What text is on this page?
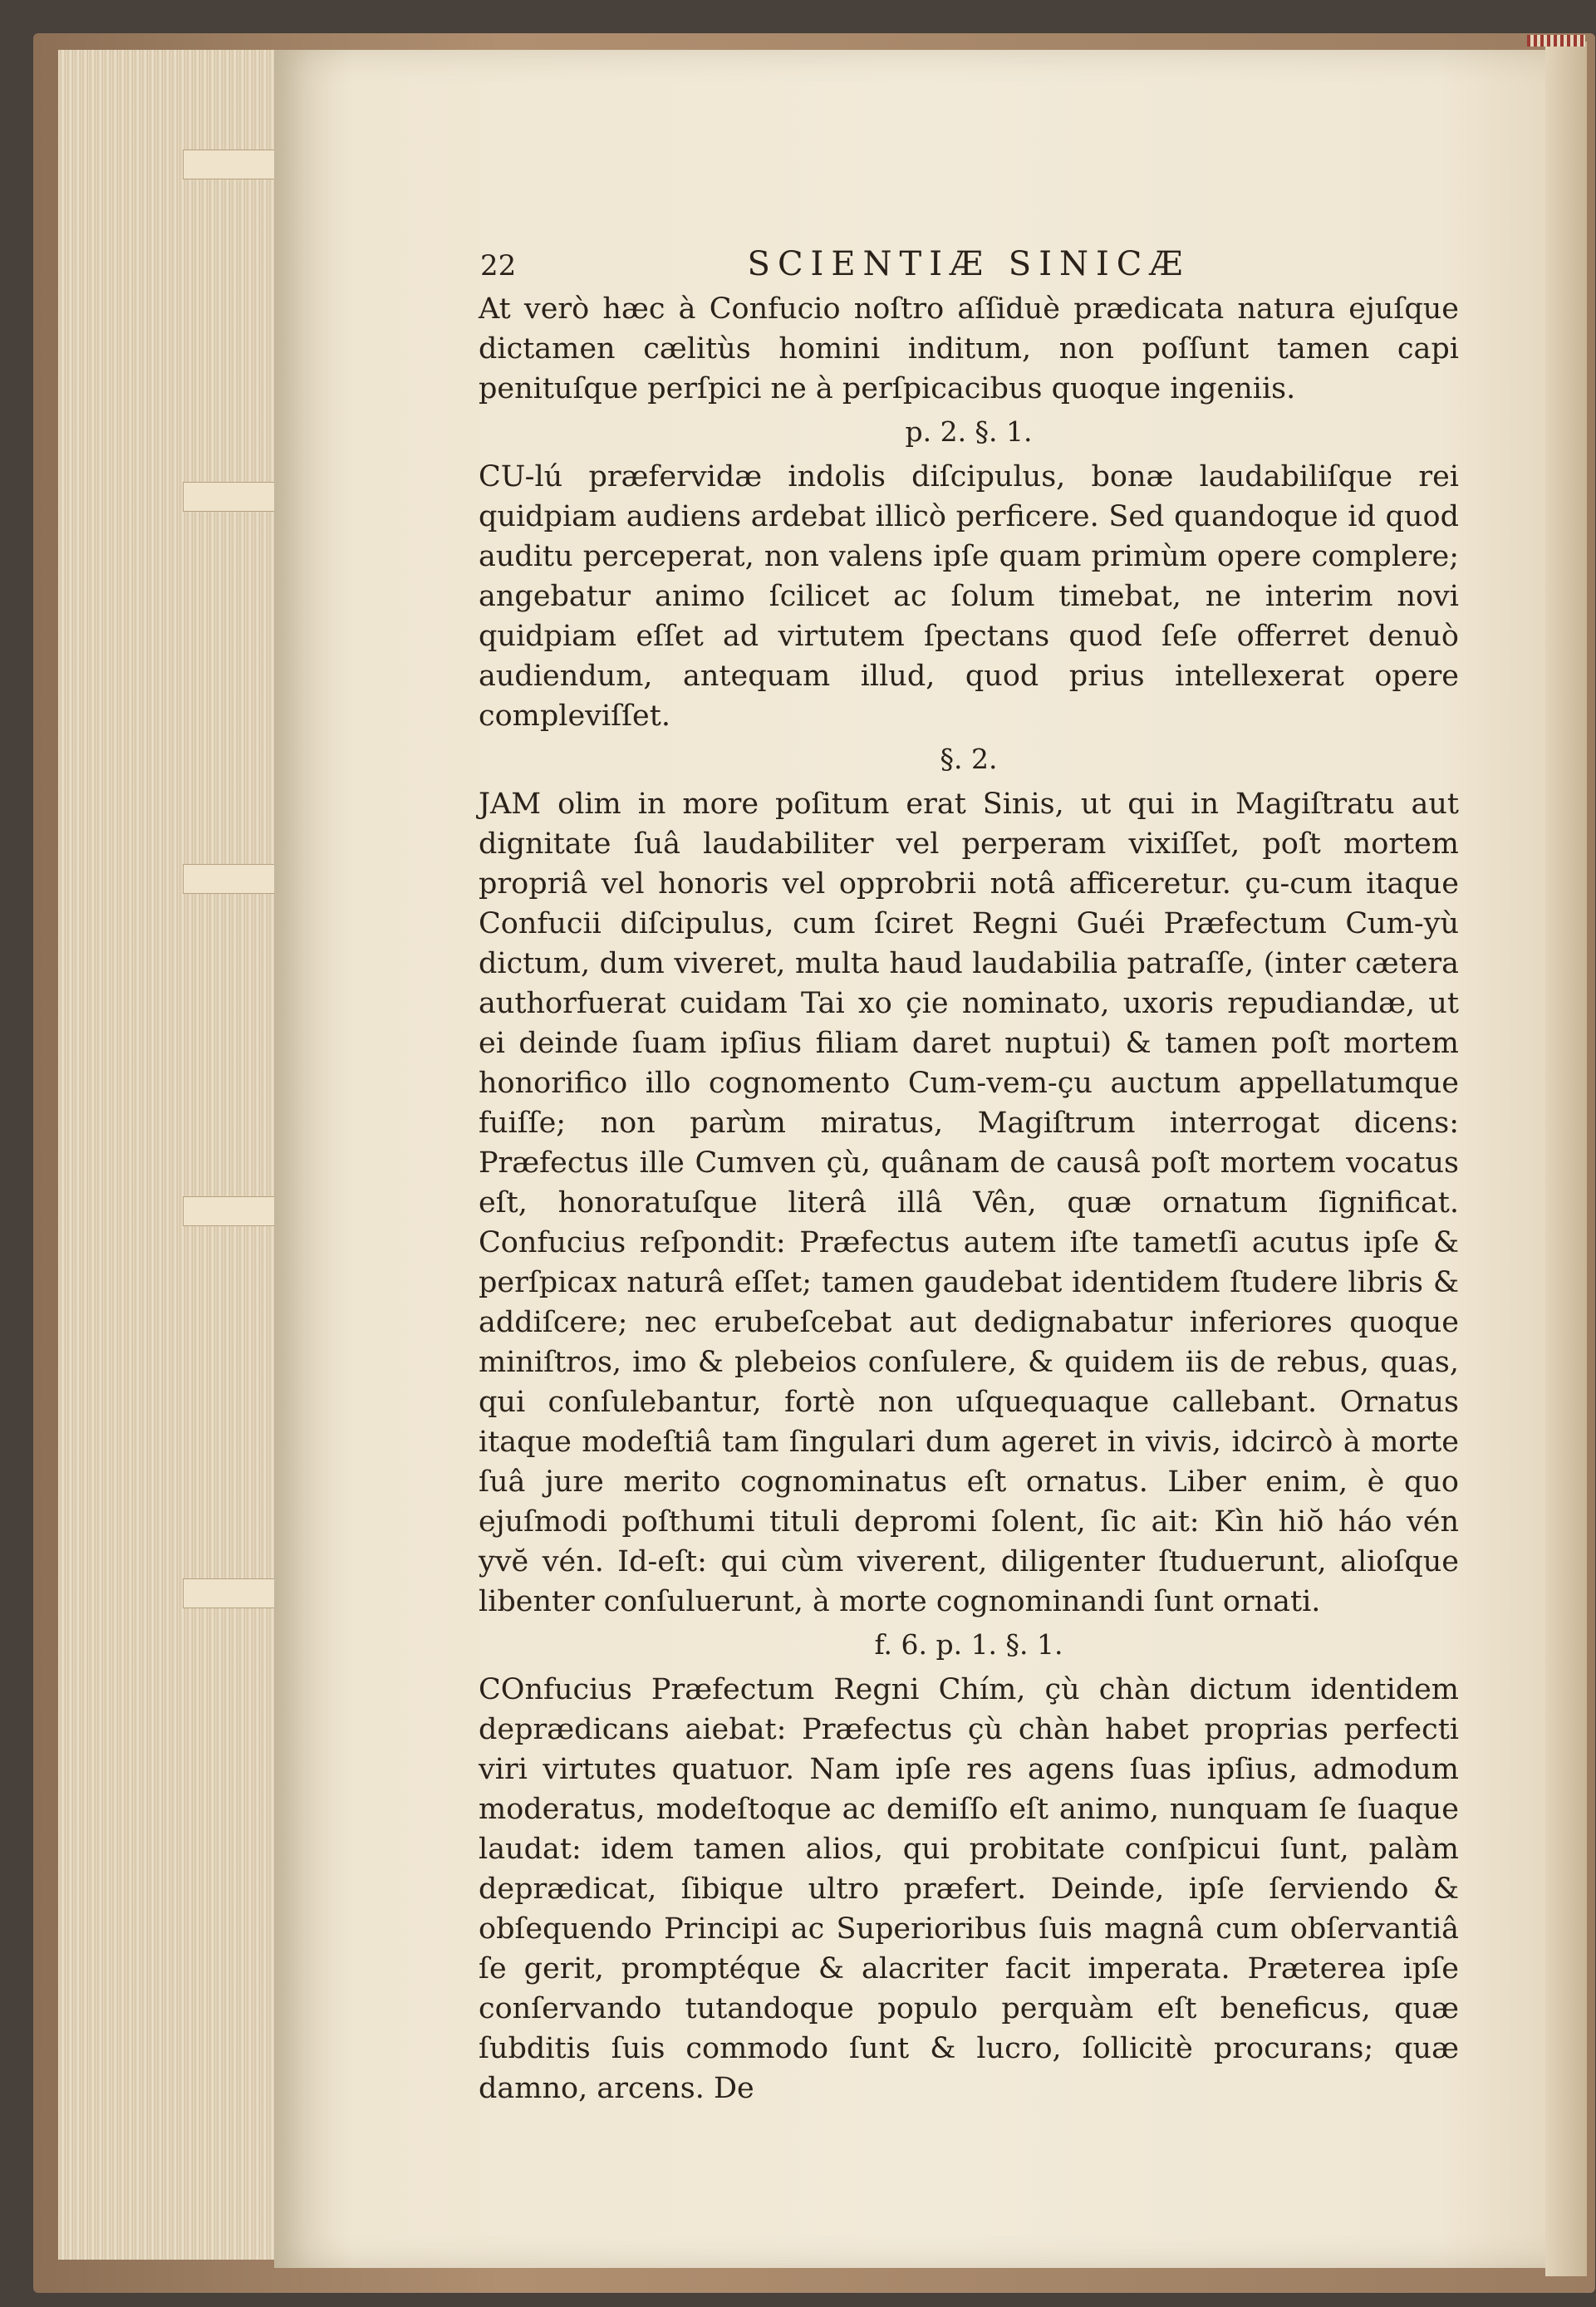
22	SCIENTIÆ SINICÆ

At verò hæc à Confucio noſtro aſſiduè prædicata natura ejuſque dictamen cælitùs homini inditum, non poſſunt tamen capi penituſque perſpici ne à perſpicacibus quoque ingeniis.

p. 2. §. 1.

CU-lú præfervidæ indolis diſcipulus, bonæ laudabiliſque rei quidpiam audiens ardebat illicò perficere. Sed quandoque id quod auditu perceperat, non valens ipſe quam primùm opere complere; angebatur animo ſcilicet ac ſolum timebat, ne interim novi quidpiam eſſet ad virtutem ſpectans quod ſeſe offerret denuò audiendum, antequam illud, quod prius intellexerat opere compleviſſet.

§. 2.

JAM olim in more poſitum erat Sinis, ut qui in Magiſtratu aut dignitate ſuâ laudabiliter vel perperam vixiſſet, poſt mortem propriâ vel honoris vel opprobrii notâ afficeretur. çu-cum itaque Confucii diſcipulus, cum ſciret Regni Guéi Præfectum Cum-yù dictum, dum viveret, multa haud laudabilia patraſſe, (inter cætera authorfuerat cuidam Tai xo çie nominato, uxoris repudiandæ, ut ei deinde ſuam ipſius filiam daret nuptui) & tamen poſt mortem honorifico illo cognomento Cum-vem-çu auctum appellatumque fuiſſe; non parùm miratus, Magiſtrum interrogat dicens: Præfectus ille Cumven çù, quânam de causâ poſt mortem vocatus eſt, honoratuſque literâ illâ Vên, quæ ornatum ſignificat. Confucius reſpondit: Præfectus autem iſte tametſi acutus ipſe & perſpicax naturâ eſſet; tamen gaudebat identidem ſtudere libris & addiſcere; nec erubeſcebat aut dedignabatur inferiores quoque miniſtros, imo & plebeios conſulere, & quidem iis de rebus, quas, qui conſulebantur, fortè non uſquequaque callebant. Ornatus itaque modeſtiâ tam ſingulari dum ageret in vivis, idcircò à morte ſuâ jure merito cognominatus eſt ornatus. Liber enim, è quo ejuſmodi poſthumi tituli depromi ſolent, ſic ait: Kìn hiŏ háo vén yvĕ vén. Id-eſt: qui cùm viverent, diligenter ſtuduerunt, alioſque libenter conſuluerunt, à morte cognominandi ſunt ornati.

f. 6. p. 1. §. 1.

COnfucius Præfectum Regni Chím, çù chàn dictum identidem deprædicans aiebat: Præfectus çù chàn habet proprias perfecti viri virtutes quatuor. Nam ipſe res agens ſuas ipſius, admodum moderatus, modeſtoque ac demiſſo eſt animo, nunquam ſe ſuaque laudat: idem tamen alios, qui probitate conſpicui ſunt, palàm deprædicat, ſibique ultro præfert. Deinde, ipſe ſerviendo & obſequendo Principi ac Superioribus ſuis magnâ cum obſervantiâ ſe gerit, promptéque & alacriter facit imperata. Præterea ipſe conſervando tutandoque populo perquàm eſt beneficus, quæ ſubditis ſuis commodo ſunt & lucro, ſollicitè procurans; quæ damno, arcens. De
